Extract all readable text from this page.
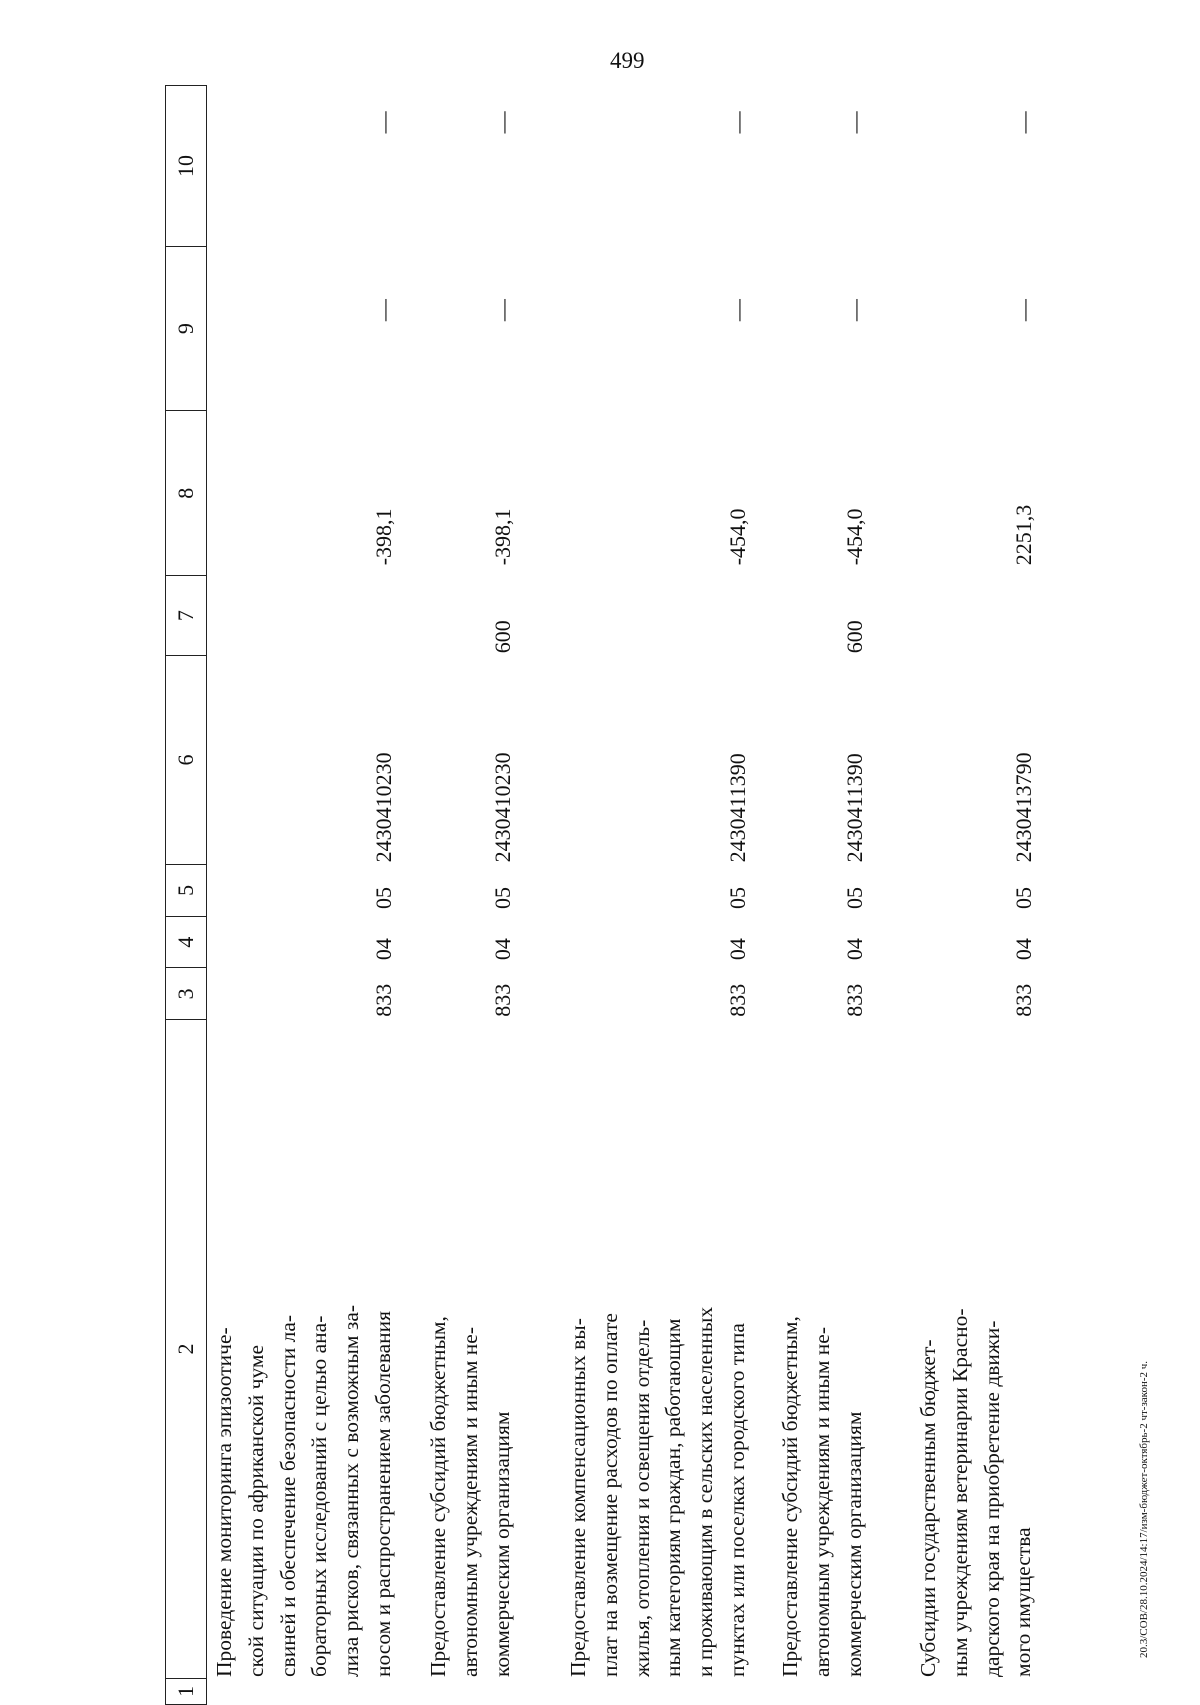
499
1
2
3
4
5
6
7
8
9
10
Проведение мониторинга эпизоотиче-
ской ситуации по африканской чуме
свиней и обеспечение безопасности ла-
бораторных исследований с целью ана-
лиза рисков, связанных с возможным за-
носом и распространением заболевания
833
04
05
2430410230
-398,1
—
—
Предоставление субсидий бюджетным,
автономным учреждениям и иным не-
коммерческим организациям
833
04
05
2430410230
600
-398,1
—
—
Предоставление компенсационных вы-
плат на возмещение расходов по оплате
жилья, отопления и освещения отдель-
ным категориям граждан, работающим
и проживающим в сельских населенных
пунктах или поселках городского типа
833
04
05
2430411390
-454,0
—
—
Предоставление субсидий бюджетным,
автономным учреждениям и иным не-
коммерческим организациям
833
04
05
2430411390
600
-454,0
—
—
Субсидии государственным бюджет-
ным учреждениям ветеринарии Красно-
дарского края на приобретение движи-
мого имущества
833
04
05
2430413790
2251,3
—
—
20.3/СОВ/28.10.2024/14:17/изм-бюджет-октябрь-2 чт-закон-2 ч.
